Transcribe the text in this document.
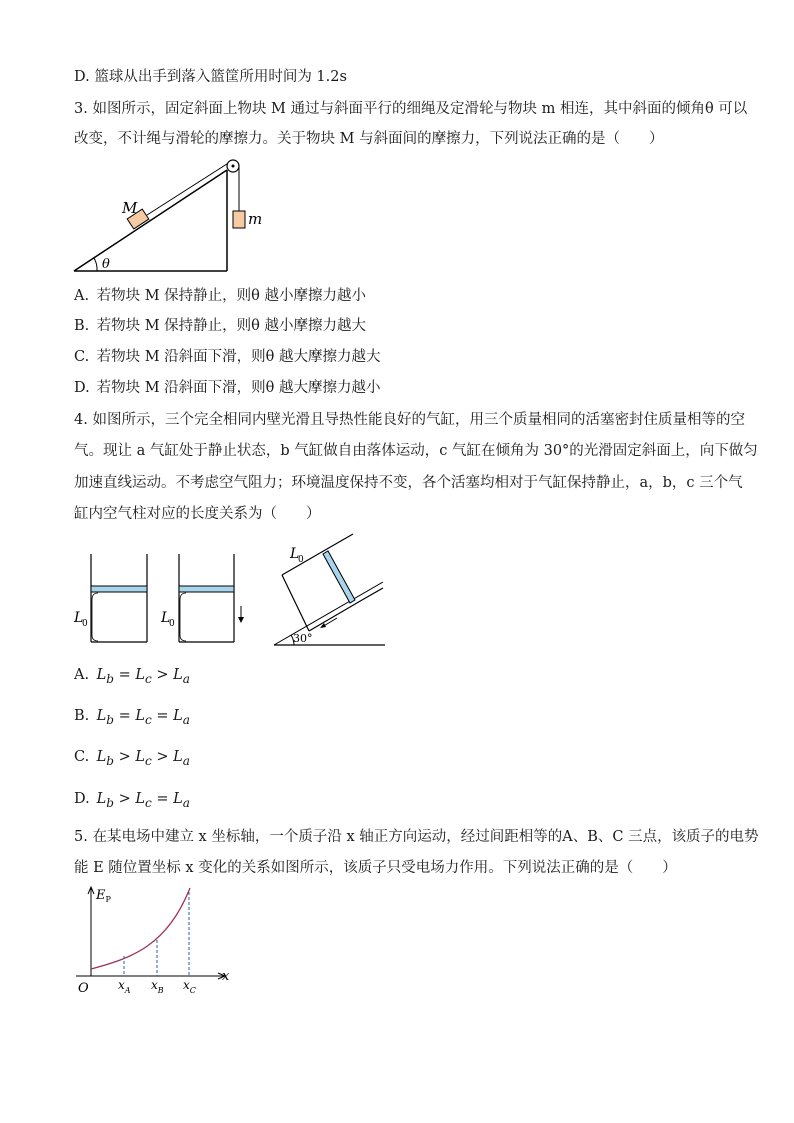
D. 篮球从出手到落入篮筐所用时间为 1.2s
3. 如图所示，固定斜面上物块 M 通过与斜面平行的细绳及定滑轮与物块 m 相连，其中斜面的倾角θ 可以
改变，不计绳与滑轮的摩擦力。关于物块 M 与斜面间的摩擦力，下列说法正确的是（　　）
M
m
θ
A. 若物块 M 保持静止，则θ 越小摩擦力越小
B. 若物块 M 保持静止，则θ 越小摩擦力越大
C. 若物块 M 沿斜面下滑，则θ 越大摩擦力越大
D. 若物块 M 沿斜面下滑，则θ 越大摩擦力越小
4. 如图所示，三个完全相同内壁光滑且导热性能良好的气缸，用三个质量相同的活塞密封住质量相等的空
气。现让 a 气缸处于静止状态，b 气缸做自由落体运动，c 气缸在倾角为 30°的光滑固定斜面上，向下做匀
加速直线运动。不考虑空气阻力；环境温度保持不变，各个活塞均相对于气缸保持静止，a，b，c 三个气
缸内空气柱对应的长度关系为（　　）
L
0	L
0
L
0
30°
A. $L_b = L_c > L_a$
B. $L_b = L_c = L_a$
C. $L_b > L_c > L_a$
D. $L_b > L_c = L_a$
5. 在某电场中建立 x 坐标轴，一个质子沿 x 轴正方向运动，经过间距相等的A、B、C 三点，该质子的电势
能 E 随位置坐标 x 变化的关系如图所示，该质子只受电场力作用。下列说法正确的是（　　）
$E_P$
x
O $x_A$ $x_B$ $x_C$
